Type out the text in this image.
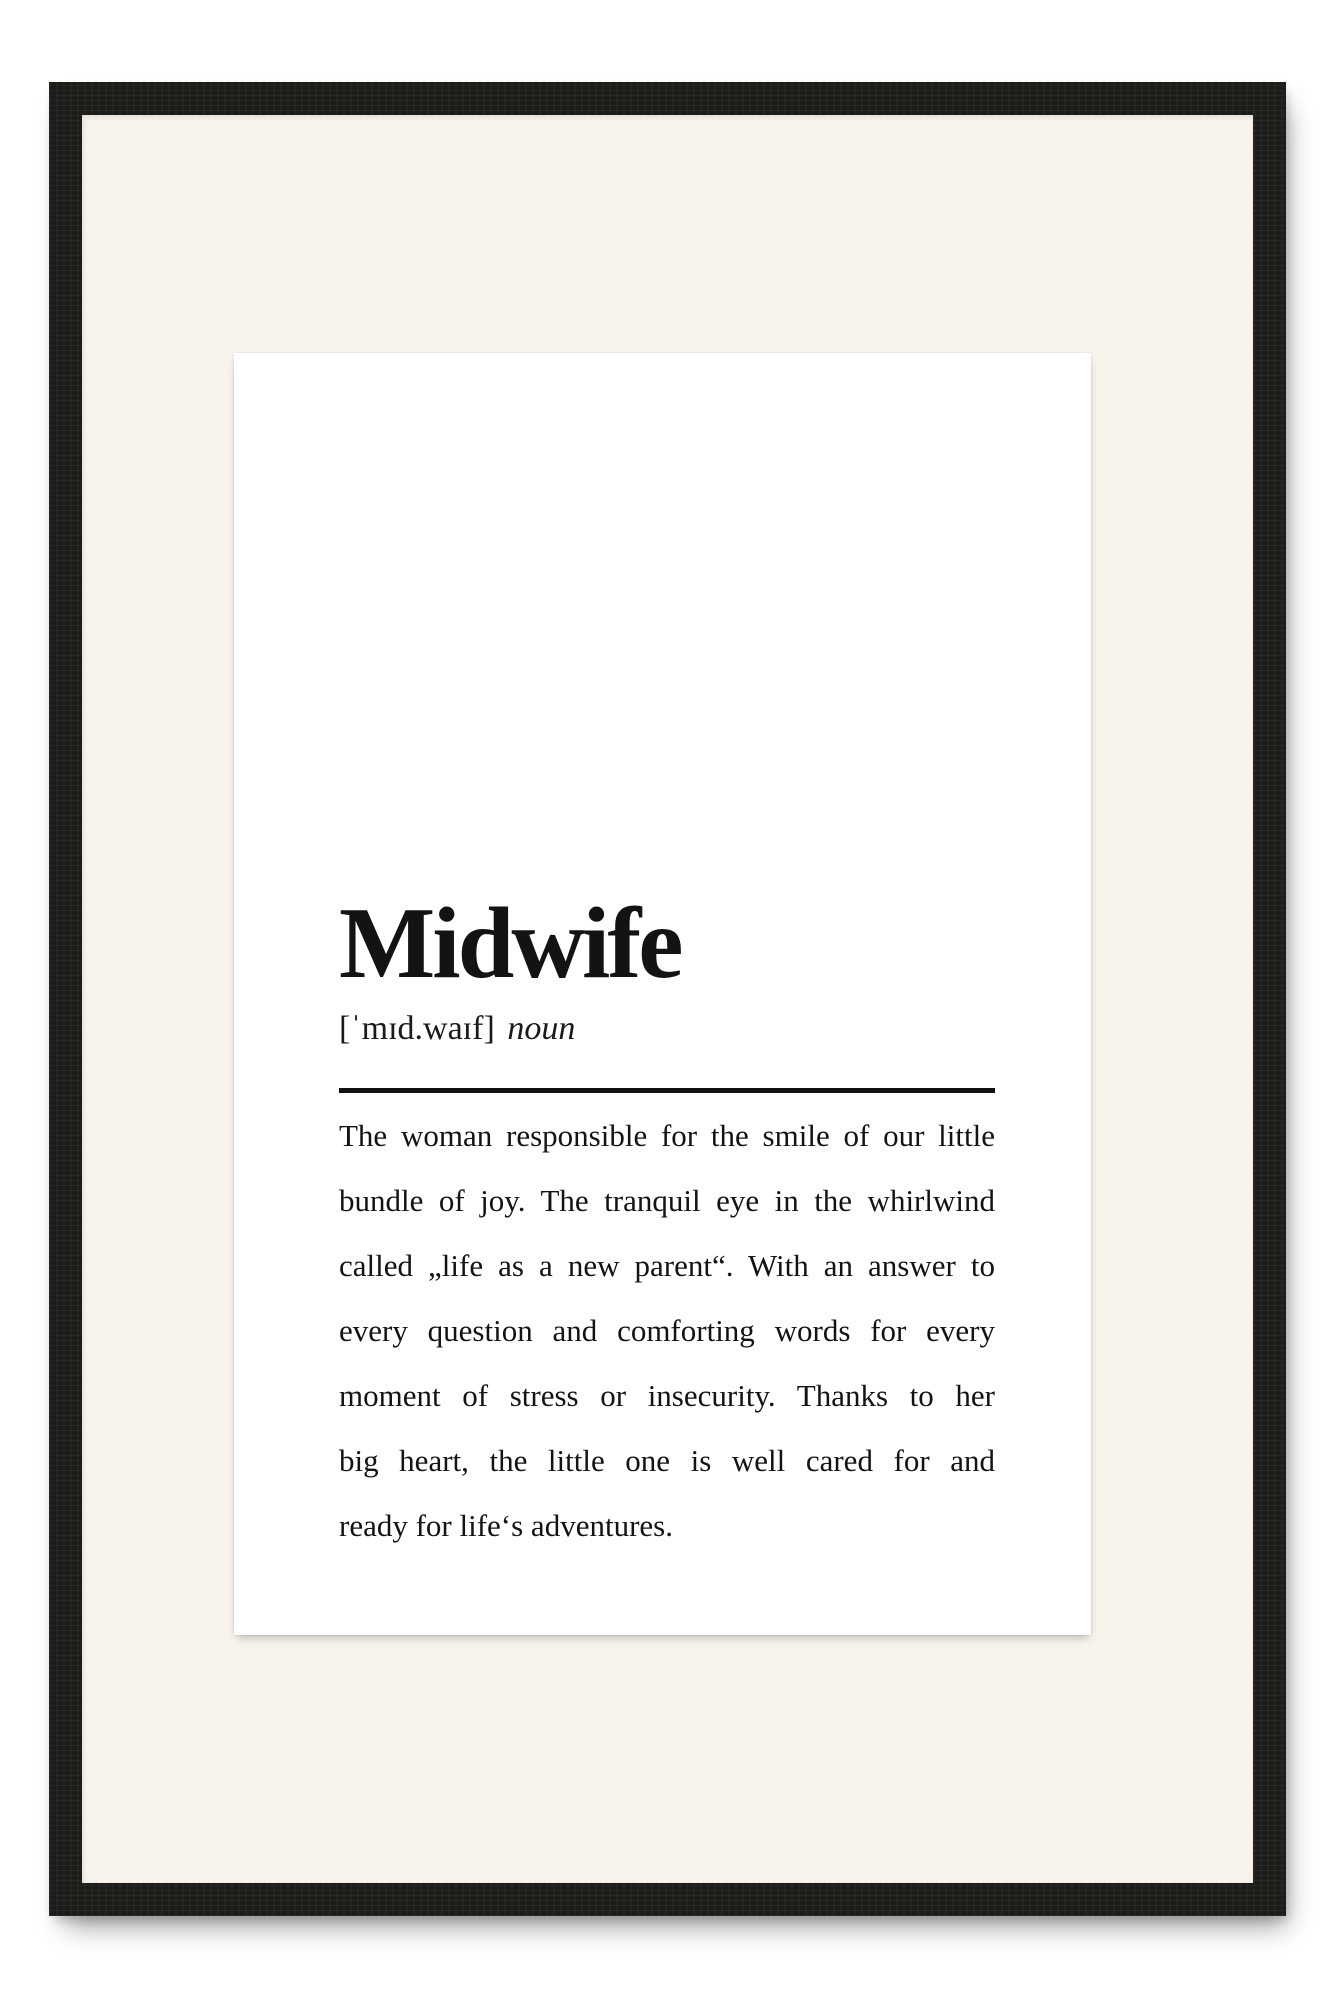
Midwife
[ˈmɪd.waɪf] noun
The woman responsible for the smile of our little
bundle of joy. The tranquil eye in the whirlwind
called „life as a new parent“. With an answer to
every question and comforting words for every
moment of stress or insecurity. Thanks to her
big heart, the little one is well cared for and
ready for life‘s adventures.
